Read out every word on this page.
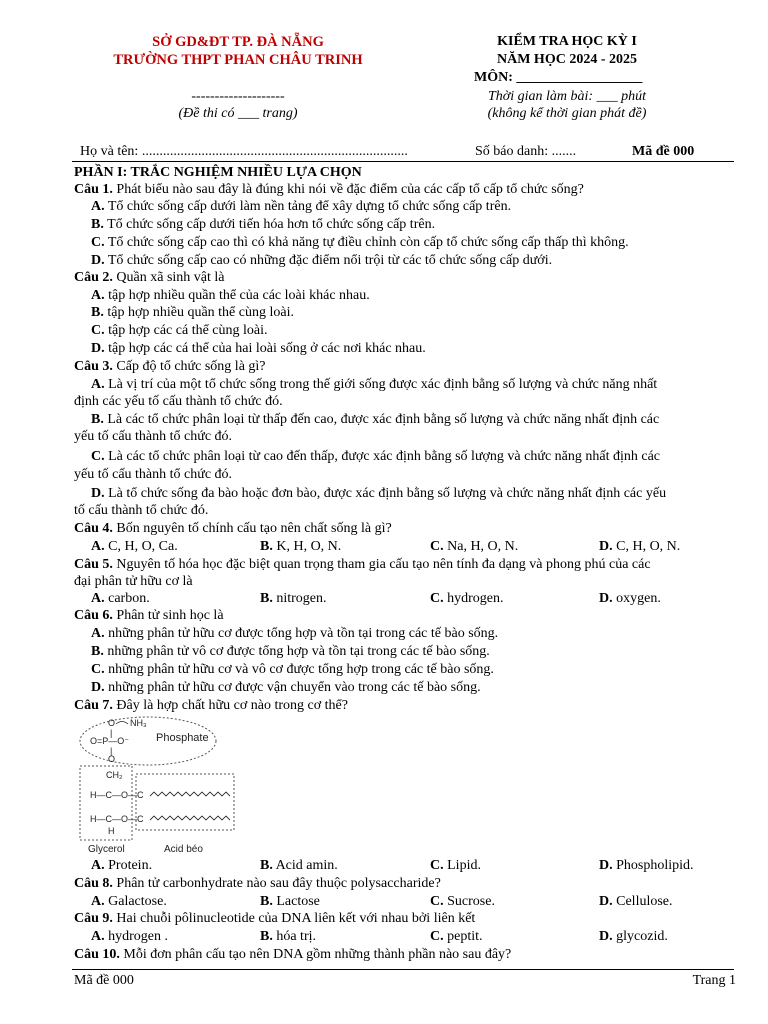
SỞ GD&ĐT TP. ĐÀ NẴNG
TRƯỜNG THPT PHAN CHÂU TRINH
--------------------
(Đề thi có ___ trang)
KIỂM TRA HỌC KỲ I
NĂM HỌC 2024 - 2025
MÔN: __________________
Thời gian làm bài: ___ phút
(không kể thời gian phát đề)
Họ và tên: ............................................................................	Số báo danh: .......	Mã đề 000
PHẦN I: TRẮC NGHIỆM NHIỀU LỰA CHỌN
Câu 1. Phát biểu nào sau đây là đúng khi nói về đặc điểm của các cấp tổ cấp tổ chức sống?
A. Tổ chức sống cấp dưới làm nền tảng để xây dựng tổ chức sống cấp trên.
B. Tổ chức sống cấp dưới tiến hóa hơn tổ chức sống cấp trên.
C. Tổ chức sống cấp cao thì có khả năng tự điều chỉnh còn cấp tổ chức sống cấp thấp thì không.
D. Tổ chức sống cấp cao có những đặc điểm nổi trội từ các tổ chức sống cấp dưới.
Câu 2. Quần xã sinh vật là
A. tập hợp nhiều quần thể của các loài khác nhau.
B. tập hợp nhiều quần thể cùng loài.
C. tập hợp các cá thể cùng loài.
D. tập hợp các cá thể của hai loài sống ở các nơi khác nhau.
Câu 3. Cấp độ tổ chức sống là gì?
A. Là vị trí của một tổ chức sống trong thế giới sống được xác định bằng số lượng và chức năng nhất
định các yếu tố cấu thành tổ chức đó.
B. Là các tổ chức phân loại từ thấp đến cao, được xác định bằng số lượng và chức năng nhất định các
yếu tố cấu thành tổ chức đó.
C. Là các tổ chức phân loại từ cao đến thấp, được xác định bằng số lượng và chức năng nhất định các
yếu tố cấu thành tổ chức đó.
D. Là tổ chức sống đa bào hoặc đơn bào, được xác định bằng số lượng và chức năng nhất định các yếu
tố cấu thành tổ chức đó.
Câu 4. Bốn nguyên tố chính cấu tạo nên chất sống là gì?
A. C, H, O, Ca.	B. K, H, O, N.	C. Na, H, O, N.	D. C, H, O, N.
Câu 5. Nguyên tố hóa học đặc biệt quan trọng tham gia cấu tạo nên tính đa dạng và phong phú của các
đại phân tử hữu cơ là
A. carbon.	B. nitrogen.	C. hydrogen.	D. oxygen.
Câu 6. Phân tử sinh học là
A. những phân tử hữu cơ được tổng hợp và tồn tại trong các tế bào sống.
B. những phân tử vô cơ được tổng hợp và tồn tại trong các tế bào sống.
C. những phân tử hữu cơ và vô cơ được tổng hợp trong các tế bào sống.
D. những phân tử hữu cơ được vận chuyển vào trong các tế bào sống.
Câu 7. Đây là hợp chất hữu cơ nào trong cơ thể?
O NH₃
|
O=P—O⁻
|
O
Phosphate
CH₂
H—C—O—C
H—C—O—C
H
Glycerol	Acid béo
A. Protein.	B. Acid amin.	C. Lipid.	D. Phospholipid.
Câu 8. Phân tử carbonhydrate nào sau đây thuộc polysaccharide?
A. Galactose.	B. Lactose	C. Sucrose.	D. Cellulose.
Câu 9. Hai chuỗi pôlinucleotide của DNA liên kết với nhau bởi liên kết
A. hydrogen .	B. hóa trị.	C. peptit.	D. glycozid.
Câu 10. Mỗi đơn phân cấu tạo nên DNA gồm những thành phần nào sau đây?
Mã đề 000	Trang 1
